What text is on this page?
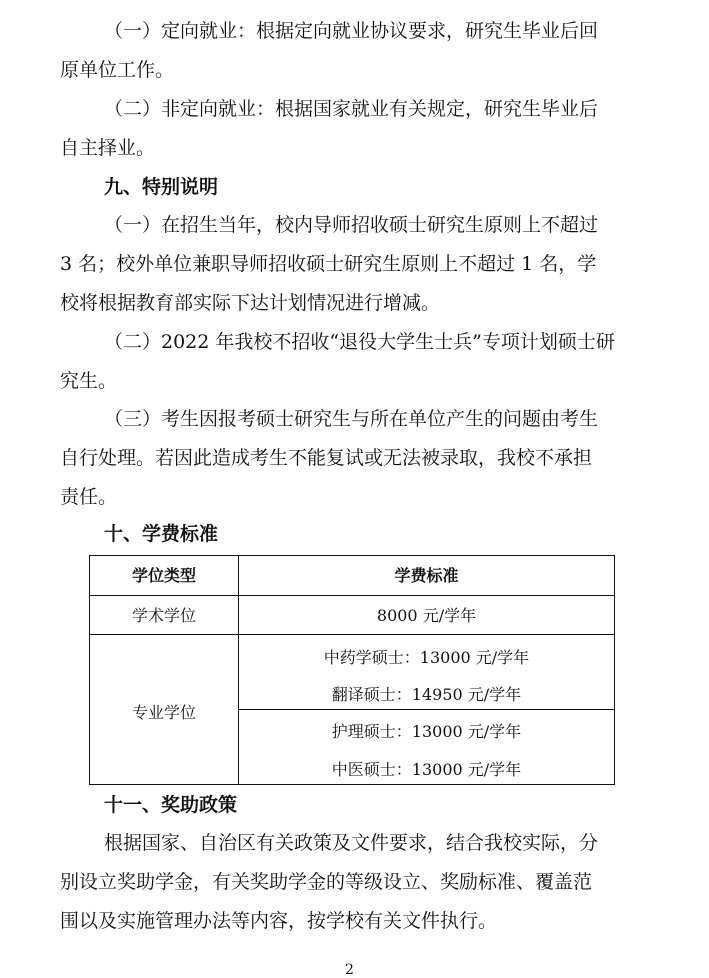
（一）定向就业：根据定向就业协议要求，研究生毕业后回
原单位工作。
（二）非定向就业：根据国家就业有关规定，研究生毕业后
自主择业。
九、特别说明
（一）在招生当年，校内导师招收硕士研究生原则上不超过
3 名；校外单位兼职导师招收硕士研究生原则上不超过 1 名，学
校将根据教育部实际下达计划情况进行增减。
（二）2022 年我校不招收“退役大学生士兵”专项计划硕士研
究生。
（三）考生因报考硕士研究生与所在单位产生的问题由考生
自行处理。若因此造成考生不能复试或无法被录取，我校不承担
责任。
十、学费标准
学位类型	学费标准
学术学位	8000 元/学年
专业学位
中药学硕士：13000 元/学年
翻译硕士：14950 元/学年
护理硕士：13000 元/学年
中医硕士：13000 元/学年
十一、奖助政策
根据国家、自治区有关政策及文件要求，结合我校实际，分
别设立奖助学金，有关奖助学金的等级设立、奖励标准、覆盖范
围以及实施管理办法等内容，按学校有关文件执行。
2
